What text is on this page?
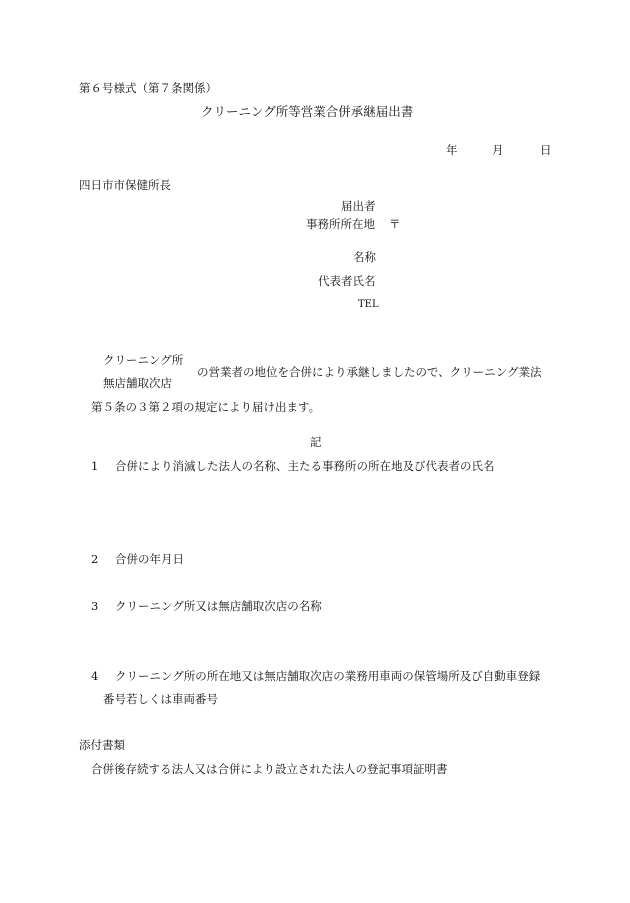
第６号様式（第７条関係）
クリーニング所等営業合併承継届出書
年	月	日
四日市市保健所長
届出者
事務所所在地 〒
名称
代表者氏名
TEL
クリーニング所
無店舗取次店
の営業者の地位を合併により承継しましたので、クリーニング業法
第５条の３第２項の規定により届け出ます。
記
1 合併により消滅した法人の名称、主たる事務所の所在地及び代表者の氏名
2 合併の年月日
3 クリーニング所又は無店舗取次店の名称
4 クリーニング所の所在地又は無店舗取次店の業務用車両の保管場所及び自動車登録
番号若しくは車両番号
添付書類
合併後存続する法人又は合併により設立された法人の登記事項証明書
